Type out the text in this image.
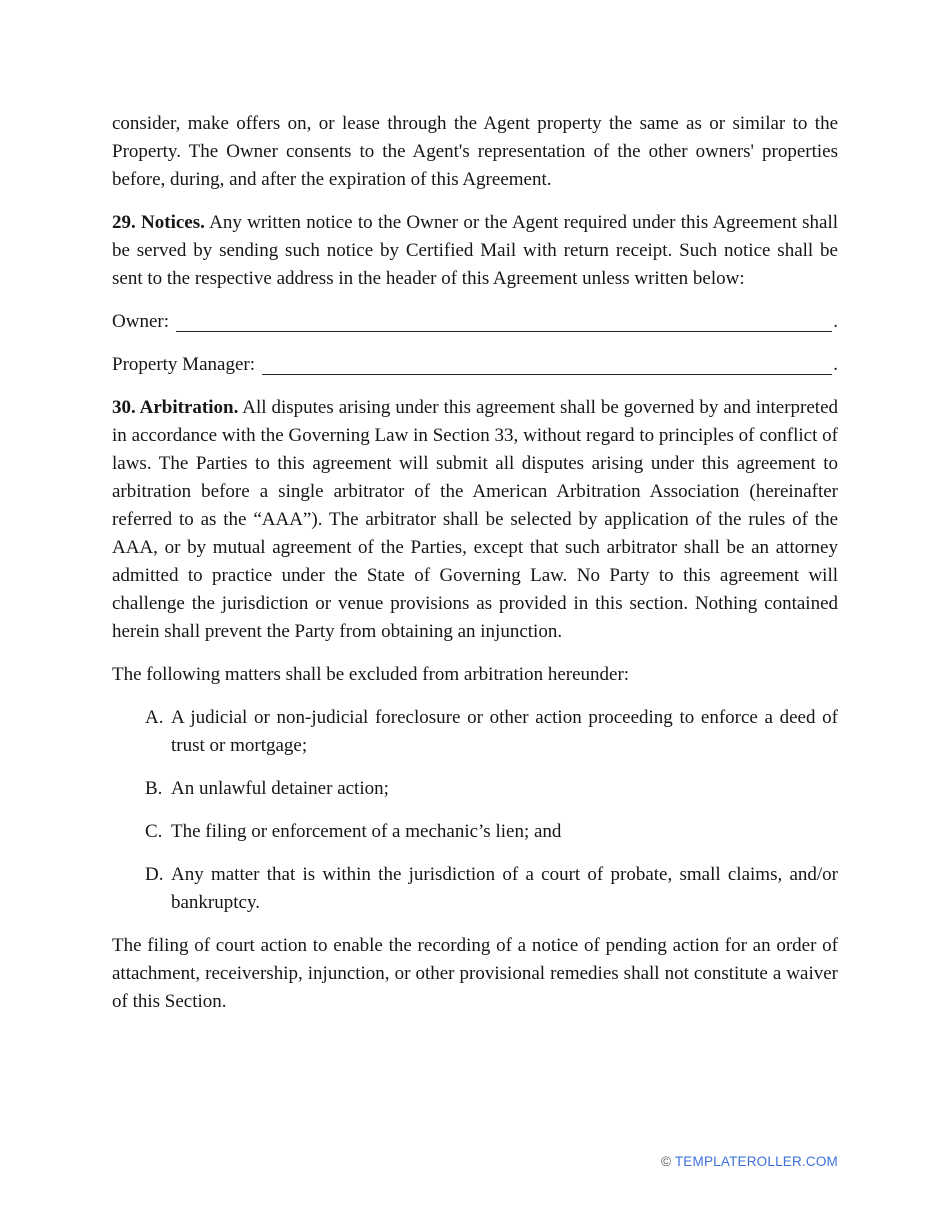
consider, make offers on, or lease through the Agent property the same as or similar to the Property. The Owner consents to the Agent's representation of the other owners' properties before, during, and after the expiration of this Agreement.

29. Notices. Any written notice to the Owner or the Agent required under this Agreement shall be served by sending such notice by Certified Mail with return receipt. Such notice shall be sent to the respective address in the header of this Agreement unless written below:

Owner:	.
Property Manager:	.

30. Arbitration. All disputes arising under this agreement shall be governed by and interpreted in accordance with the Governing Law in Section 33, without regard to principles of conflict of laws. The Parties to this agreement will submit all disputes arising under this agreement to arbitration before a single arbitrator of the American Arbitration Association (hereinafter referred to as the “AAA”). The arbitrator shall be selected by application of the rules of the AAA, or by mutual agreement of the Parties, except that such arbitrator shall be an attorney admitted to practice under the State of Governing Law. No Party to this agreement will challenge the jurisdiction or venue provisions as provided in this section. Nothing contained herein shall prevent the Party from obtaining an injunction.

The following matters shall be excluded from arbitration hereunder:

A. A judicial or non-judicial foreclosure or other action proceeding to enforce a deed of trust or mortgage;
B. An unlawful detainer action;
C. The filing or enforcement of a mechanic’s lien; and
D. Any matter that is within the jurisdiction of a court of probate, small claims, and/or bankruptcy.

The filing of court action to enable the recording of a notice of pending action for an order of attachment, receivership, injunction, or other provisional remedies shall not constitute a waiver of this Section.

© TEMPLATEROLLER.COM
